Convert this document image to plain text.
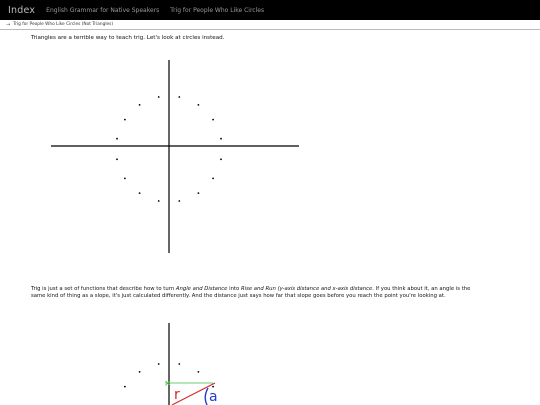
Index English Grammar for Native Speakers Trig for People Who Like Circles
→ Trig for People Who Like Circles (Not Triangles)
Triangles are a terrible way to teach trig. Let's look at circles instead.
×
r a
Trig is just a set of functions that describe how to turn Angle and Distance into Rise and Run (y-axis distance and x-axis distance. If you think about it, an angle is the same kind of thing as a slope, it's just calculated differently. And the distance just says how far that slope goes before you reach the point you're looking at.
